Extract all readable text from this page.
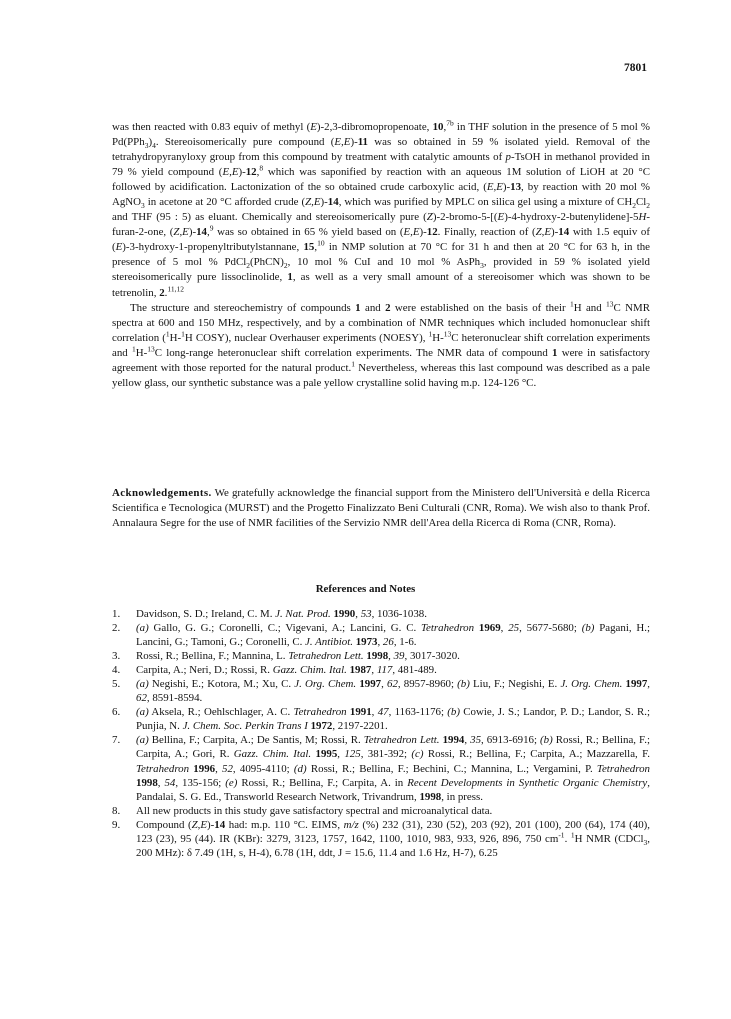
7801

was then reacted with 0.83 equiv of methyl (E)-2,3-dibromopropenoate, 10,$^{7b}$ in THF solution in the presence of 5 mol % $Pd(PPh_3)_4$. Stereoisomerically pure compound (E,E)-11 was so obtained in 59 % isolated yield. Removal of the tetrahydropyranyloxy group from this compound by treatment with catalytic amounts of p-TsOH in methanol provided in 79 % yield compound (E,E)-12,$^8$ which was saponified by reaction with an aqueous 1M solution of LiOH at 20 °C followed by acidification. Lactonization of the so obtained crude carboxylic acid, (E,E)-13, by reaction with 20 mol % AgNO$_3$ in acetone at 20 °C afforded crude (Z,E)-14, which was purified by MPLC on silica gel using a mixture of $CH_2Cl_2$ and THF (95 : 5) as eluant. Chemically and stereoisomerically pure (Z)-2-bromo-5-[(E)-4-hydroxy-2-butenylidene]-5H-furan-2-one, (Z,E)-14,$^9$ was so obtained in 65 % yield based on (E,E)-12. Finally, reaction of (Z,E)-14 with 1.5 equiv of (E)-3-hydroxy-1-propenyltributylstannane, 15,10 in NMP solution at 70 °C for 31 h and then at 20 °C for 63 h, in the presence of 5 mol % $PdCl_2(PhCN)_2$, 10 mol % CuI and 10 mol % AsPh$_3$, provided in 59 % isolated yield stereoisomerically pure lissoclinolide, 1, as well as a very small amount of a stereoisomer which was shown to be tetrenolin, 2.$^{11,12}$

The structure and stereochemistry of compounds 1 and 2 were established on the basis of their $^1$H and $^{13}$C NMR spectra at 600 and 150 MHz, respectively, and by a combination of NMR techniques which included homonuclear shift correlation ($^1$H-$^1$H COSY), nuclear Overhauser experiments (NOESY), $^1$H-$^{13}$C heteronuclear shift correlation experiments and $^1$H-$^{13}$C long-range heteronuclear shift correlation experiments. The NMR data of compound 1 were in satisfactory agreement with those reported for the natural product.$^1$ Nevertheless, whereas this last compound was described as a pale yellow glass, our synthetic substance was a pale yellow crystalline solid having m.p. 124-126 °C.

Acknowledgements. We gratefully acknowledge the financial support from the Ministero dell'Università e della Ricerca Scientifica e Tecnologica (MURST) and the Progetto Finalizzato Beni Culturali (CNR, Roma). We wish also to thank Prof. Annalaura Segre for the use of NMR facilities of the Servizio NMR dell'Area della Ricerca di Roma (CNR, Roma).
References and Notes
1. Davidson, S. D.; Ireland, C. M. J. Nat. Prod. 1990, 53, 1036-1038.
2. (a) Gallo, G. G.; Coronelli, C.; Vigevani, A.; Lancini, G. C. Tetrahedron 1969, 25, 5677-5680; (b) Pagani, H.; Lancini, G.; Tamoni, G.; Coronelli, C. J. Antibiot. 1973, 26, 1-6.
3. Rossi, R.; Bellina, F.; Mannina, L. Tetrahedron Lett. 1998, 39, 3017-3020.
4. Carpita, A.; Neri, D.; Rossi, R. Gazz. Chim. Ital. 1987, 117, 481-489.
5. (a) Negishi, E.; Kotora, M.; Xu, C. J. Org. Chem. 1997, 62, 8957-8960; (b) Liu, F.; Negishi, E. J. Org. Chem. 1997, 62, 8591-8594.
6. (a) Aksela, R.; Oehlschlager, A. C. Tetrahedron 1991, 47, 1163-1176; (b) Cowie, J. S.; Landor, P. D.; Landor, S. R.; Punjia, N. J. Chem. Soc. Perkin Trans I 1972, 2197-2201.
7. (a) Bellina, F.; Carpita, A.; De Santis, M; Rossi, R. Tetrahedron Lett. 1994, 35, 6913-6916; (b) Rossi, R.; Bellina, F.; Carpita, A.; Gori, R. Gazz. Chim. Ital. 1995, 125, 381-392; (c) Rossi, R.; Bellina, F.; Carpita, A.; Mazzarella, F. Tetrahedron 1996, 52, 4095-4110; (d) Rossi, R.; Bellina, F.; Bechini, C.; Mannina, L.; Vergamini, P. Tetrahedron 1998, 54, 135-156; (e) Rossi, R.; Bellina, F.; Carpita, A. in Recent Developments in Synthetic Organic Chemistry, Pandalai, S. G. Ed., Transworld Research Network, Trivandrum, 1998, in press.
8. All new products in this study gave satisfactory spectral and microanalytical data.
9. Compound (Z,E)-14 had: m.p. 110 °C. EIMS, m/z (%) 232 (31), 230 (52), 203 (92), 201 (100), 200 (64), 174 (40), 123 (23), 95 (44). IR (KBr): 3279, 3123, 1757, 1642, 1100, 1010, 983, 933, 926, 896, 750 $cm^{-1}$. $^1$H NMR (CDCl$_3$, 200 MHz): δ 7.49 (1H, s, H-4), 6.78 (1H, ddt, J = 15.6, 11.4 and 1.6 Hz, H-7), 6.25
